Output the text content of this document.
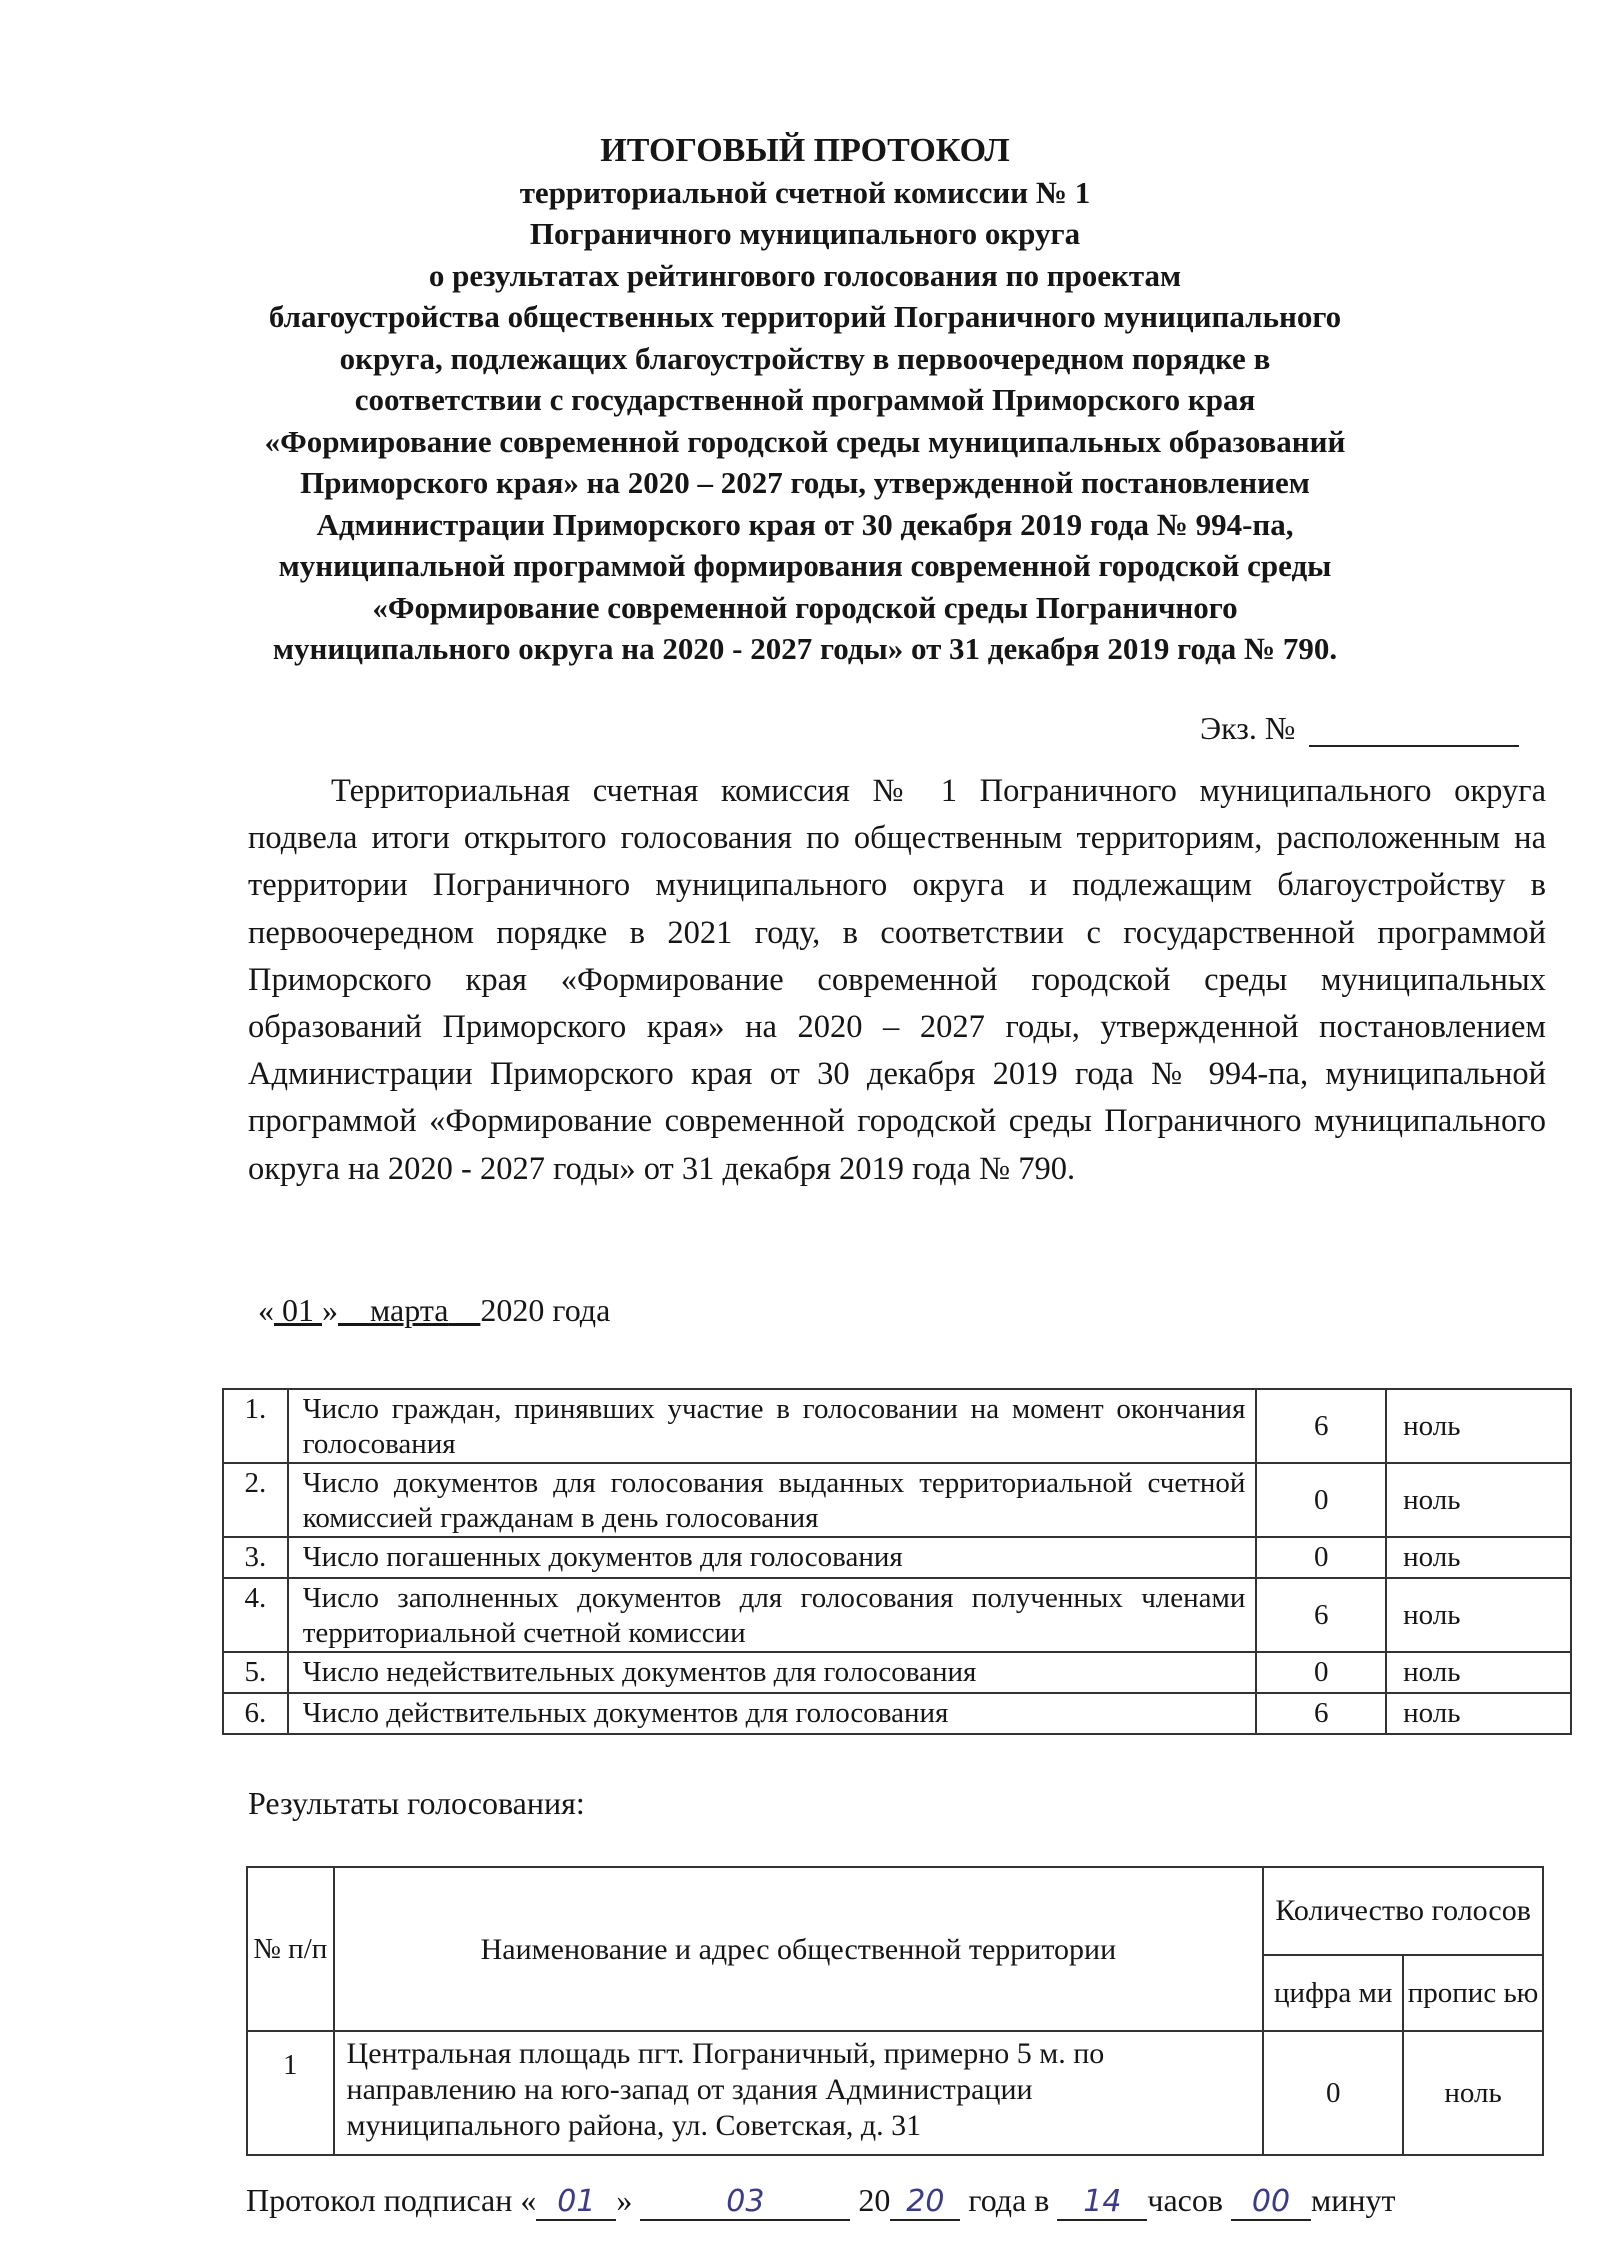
ИТОГОВЫЙ ПРОТОКОЛ
территориальной счетной комиссии № 1
Пограничного муниципального округа
о результатах рейтингового голосования по проектам
благоустройства общественных территорий Пограничного муниципального
округа, подлежащих благоустройству в первоочередном порядке в
соответствии с государственной программой Приморского края
«Формирование современной городской среды муниципальных образований
Приморского края» на 2020 – 2027 годы, утвержденной постановлением
Администрации Приморского края от 30 декабря 2019 года № 994-па,
муниципальной программой формирования современной городской среды
«Формирование современной городской среды Пограничного
муниципального округа на 2020 - 2027 годы» от 31 декабря 2019 года № 790.
Экз. №
Территориальная счетная комиссия № 1 Пограничного муниципального округа подвела итоги открытого голосования по общественным территориям, расположенным на территории Пограничного муниципального округа и подлежащим благоустройству в первоочередном порядке в 2021 году, в соответствии с государственной программой Приморского края «Формирование современной городской среды муниципальных образований Приморского края» на 2020 – 2027 годы, утвержденной постановлением Администрации Приморского края от 30 декабря 2019 года № 994-па, муниципальной программой «Формирование современной городской среды Пограничного муниципального округа на 2020 - 2027 годы» от 31 декабря 2019 года № 790.
« 01 » марта 2020 года
1.	Число граждан, принявших участие в голосовании на момент окончания голосования	6	ноль
2.	Число документов для голосования выданных территориальной счетной комиссией гражданам в день голосования	0	ноль
3.	Число погашенных документов для голосования	0	ноль
4.	Число заполненных документов для голосования полученных членами территориальной счетной комиссии	6	ноль
5.	Число недействительных документов для голосования	0	ноль
6.	Число действительных документов для голосования	6	ноль
Результаты голосования:
№ п/п	Наименование и адрес общественной территории	Количество голосов	
		цифра ми	пропис ью
1	Центральная площадь пгт. Пограничный, примерно 5 м. по направлению на юго-запад от здания Администрации муниципального района, ул. Советская, д. 31	0	ноль
Протокол подписан « 01 »	03	20 20 года в 14 часов 00 минут
